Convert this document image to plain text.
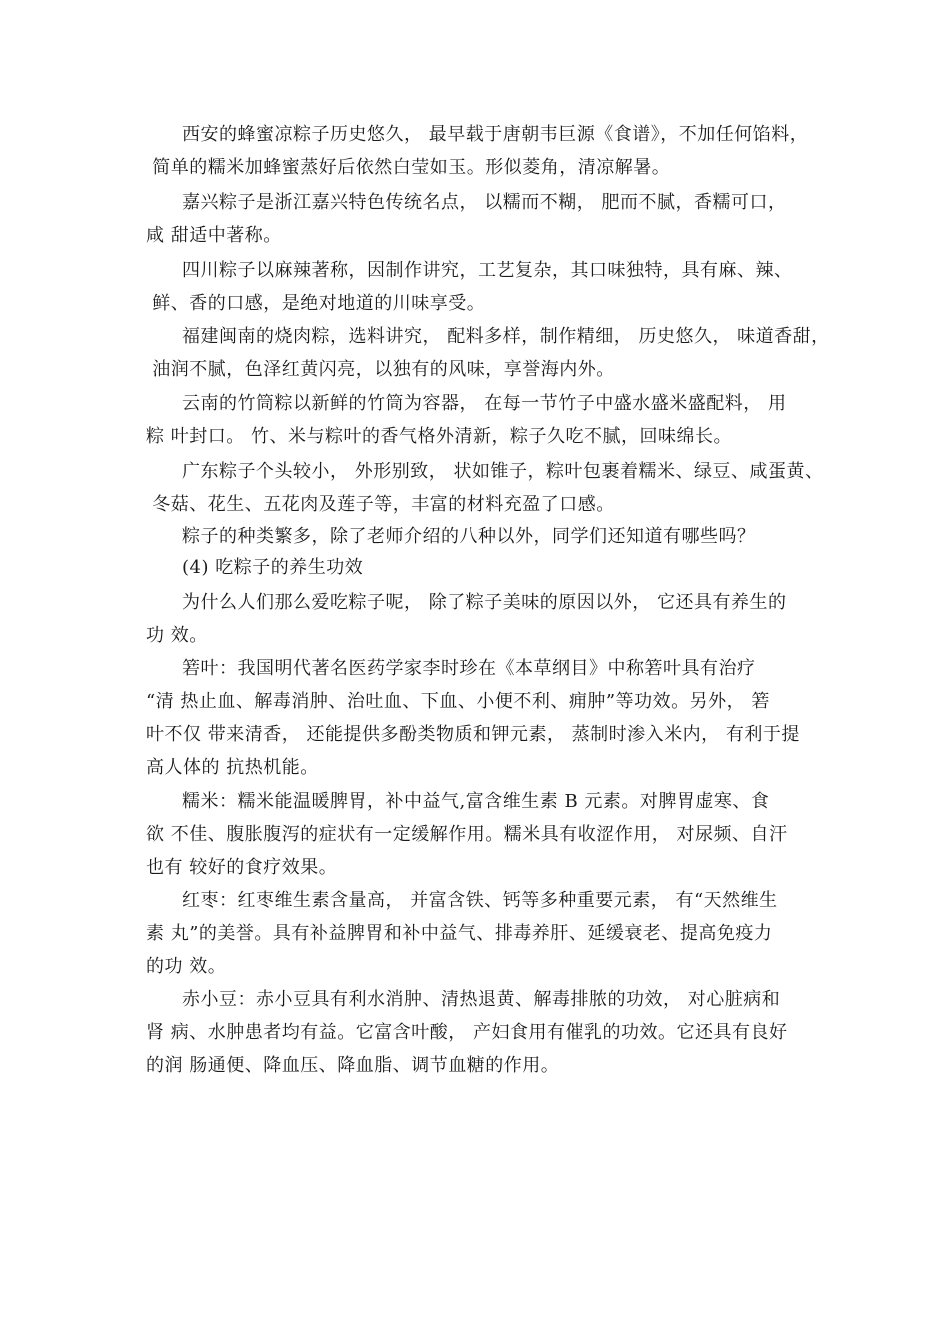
西安的蜂蜜凉粽子历史悠久， 最早载于唐朝韦巨源《食谱》，不加任何馅料，
简单的糯米加蜂蜜蒸好后依然白莹如玉。形似菱角，清凉解暑。
嘉兴粽子是浙江嘉兴特色传统名点， 以糯而不糊， 肥而不腻，香糯可口，
咸 甜适中著称。
四川粽子以麻辣著称，因制作讲究，工艺复杂，其口味独特，具有麻、辣、
鲜、香的口感，是绝对地道的川味享受。
福建闽南的烧肉粽，选料讲究， 配料多样，制作精细， 历史悠久， 味道香甜，
油润不腻，色泽红黄闪亮，以独有的风味，享誉海内外。
云南的竹筒粽以新鲜的竹筒为容器， 在每一节竹子中盛水盛米盛配料， 用
粽 叶封口。 竹、米与粽叶的香气格外清新，粽子久吃不腻，回味绵长。
广东粽子个头较小， 外形别致， 状如锥子，粽叶包裹着糯米、绿豆、咸蛋黄、
冬菇、花生、五花肉及莲子等，丰富的材料充盈了口感。
粽子的种类繁多，除了老师介绍的八种以外，同学们还知道有哪些吗？
(4) 吃粽子的养生功效
为什么人们那么爱吃粽子呢， 除了粽子美味的原因以外， 它还具有养生的
功 效。
箬叶：我国明代著名医药学家李时珍在《本草纲目》中称箬叶具有治疗
“清 热止血、解毒消肿、治吐血、下血、小便不利、痈肿”等功效。另外， 箬
叶不仅 带来清香， 还能提供多酚类物质和钾元素， 蒸制时渗入米内， 有利于提
高人体的 抗热机能。
糯米：糯米能温暖脾胃，补中益气,富含维生素 B 元素。对脾胃虚寒、食
欲 不佳、腹胀腹泻的症状有一定缓解作用。糯米具有收涩作用， 对尿频、自汗
也有 较好的食疗效果。
红枣：红枣维生素含量高， 并富含铁、钙等多种重要元素， 有“天然维生
素 丸”的美誉。具有补益脾胃和补中益气、排毒养肝、延缓衰老、提高免疫力
的功 效。
赤小豆：赤小豆具有利水消肿、清热退黄、解毒排脓的功效， 对心脏病和
肾 病、水肿患者均有益。它富含叶酸， 产妇食用有催乳的功效。它还具有良好
的润 肠通便、降血压、降血脂、调节血糖的作用。
